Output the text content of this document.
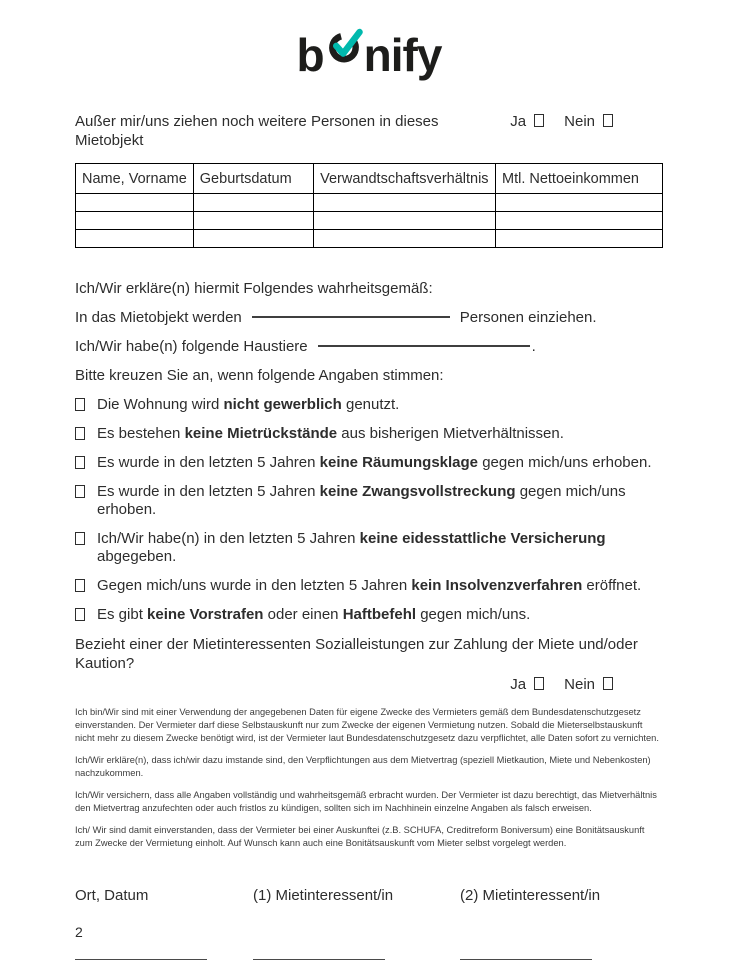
b nify
Außer mir/uns ziehen noch weitere Personen in dieses Mietobjekt
Ja	Nein
Name, Vorname	Geburtsdatum	Verwandtschaftsverhältnis	Mtl. Nettoeinkommen

Ich/Wir erkläre(n) hiermit Folgendes wahrheitsgemäß:
In das Mietobjekt werden	Personen einziehen.
Ich/Wir habe(n) folgende Haustiere	.
Bitte kreuzen Sie an, wenn folgende Angaben stimmen:
Die Wohnung wird nicht gewerblich genutzt.
Es bestehen keine Mietrückstände aus bisherigen Mietverhältnissen.
Es wurde in den letzten 5 Jahren keine Räumungsklage gegen mich/uns erhoben.
Es wurde in den letzten 5 Jahren keine Zwangsvollstreckung gegen mich/uns erhoben.
Ich/Wir habe(n) in den letzten 5 Jahren keine eidesstattliche Versicherung abgegeben.
Gegen mich/uns wurde in den letzten 5 Jahren kein Insolvenzverfahren eröffnet.
Es gibt keine Vorstrafen oder einen Haftbefehl gegen mich/uns.
Bezieht einer der Mietinteressenten Sozialleistungen zur Zahlung der Miete und/oder Kaution?
Ja	Nein

Ich bin/Wir sind mit einer Verwendung der angegebenen Daten für eigene Zwecke des Vermieters gemäß dem Bundesdatenschutzgesetz einverstanden. Der Vermieter darf diese Selbstauskunft nur zum Zwecke der eigenen Vermietung nutzen. Sobald die Mieterselbstauskunft nicht mehr zu diesem Zwecke benötigt wird, ist der Vermieter laut Bundesdatenschutzgesetz dazu verpflichtet, alle Daten sofort zu vernichten.

Ich/Wir erkläre(n), dass ich/wir dazu imstande sind, den Verpflichtungen aus dem Mietvertrag (speziell Mietkaution, Miete und Nebenkosten) nachzukommen.

Ich/Wir versichern, dass alle Angaben vollständig und wahrheitsgemäß erbracht wurden. Der Vermieter ist dazu berechtigt, das Mietverhältnis den Mietvertrag anzufechten oder auch fristlos zu kündigen, sollten sich im Nachhinein einzelne Angaben als falsch erweisen.

Ich/ Wir sind damit einverstanden, dass der Vermieter bei einer Auskunftei (z.B. SCHUFA, Creditreform Boniversum) eine Bonitätsauskunft zum Zwecke der Vermietung einholt. Auf Wunsch kann auch eine Bonitätsauskunft vom Mieter selbst vorgelegt werden.

Ort, Datum	(1) Mietinteressent/in	(2) Mietinteressent/in
2
